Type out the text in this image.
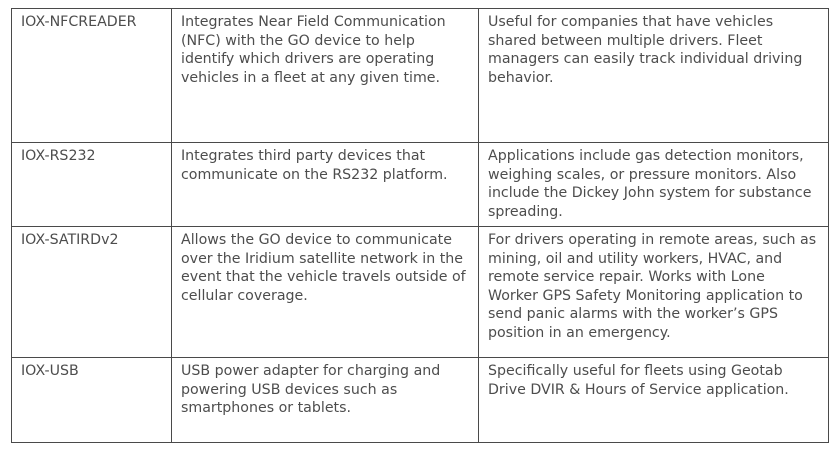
IOX-NFCREADER	Integrates Near Field Communication (NFC) with the GO device to help identify which drivers are operating vehicles in a fleet at any given time.	Useful for companies that have vehicles shared between multiple drivers. Fleet managers can easily track individual driving behavior.
IOX-RS232	Integrates third party devices that communicate on the RS232 platform.	Applications include gas detection monitors, weighing scales, or pressure monitors. Also include the Dickey John system for substance spreading.
IOX-SATIRDv2	Allows the GO device to communicate over the Iridium satellite network in the event that the vehicle travels outside of cellular coverage.	For drivers operating in remote areas, such as mining, oil and utility workers, HVAC, and remote service repair. Works with Lone Worker GPS Safety Monitoring application to send panic alarms with the worker’s GPS position in an emergency.
IOX-USB	USB power adapter for charging and powering USB devices such as smartphones or tablets.	Specifically useful for fleets using Geotab Drive DVIR & Hours of Service application.
